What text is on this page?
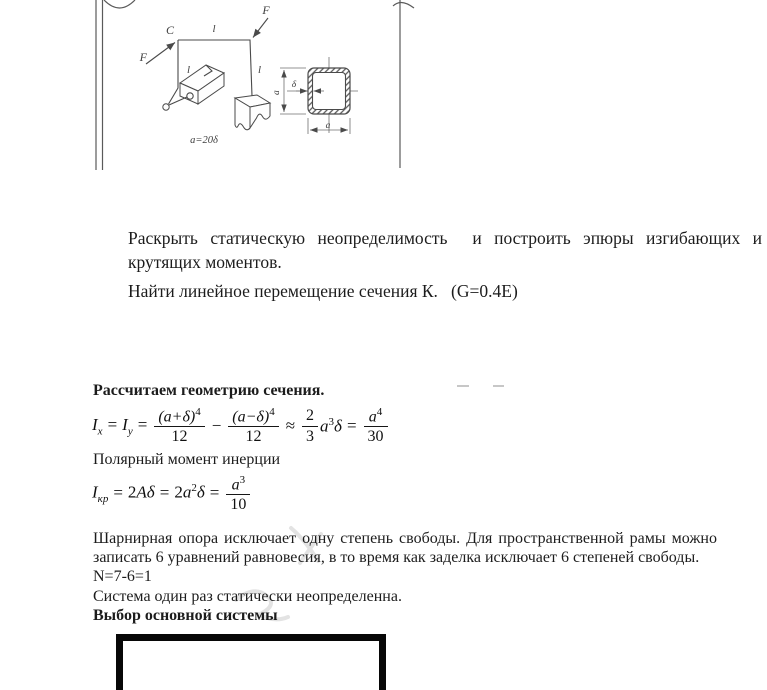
C	l
l	l
F
F
δ
a
a
a=20δ
Раскрыть статическую неопределимость  и построить эпюры изгибающих и
крутящих моментов.
Найти линейное перемещение сечения К.   (G=0.4E)
Рассчитаем геометрию сечения.
$I_x = I_y = \frac{(a+\delta)^4}{12} - \frac{(a-\delta)^4}{12} \approx \frac{2}{3} a^3\delta = \frac{a^4}{30}$
Полярный момент инерции
$I_{кр} = 2A\delta = 2a^2\delta = \frac{a^3}{10}$
Шарнирная опора исключает одну степень свободы. Для пространственной рамы можно
записать 6 уравнений равновесия, в то время как заделка исключает 6 степеней свободы.
N=7-6=1
Система один раз статически неопределенна.
Выбор основной системы
